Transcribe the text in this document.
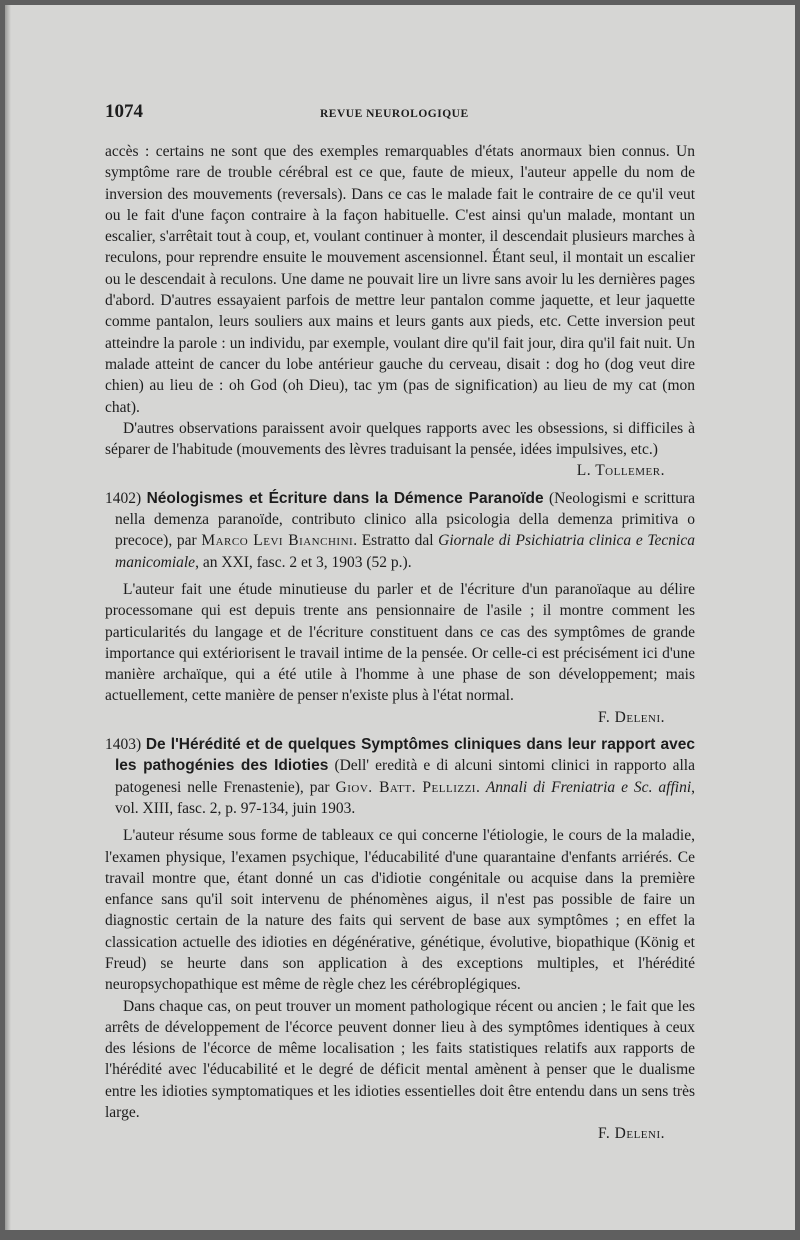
1074	REVUE NEUROLOGIQUE

accès : certains ne sont que des exemples remarquables d'états anormaux bien connus. Un symptôme rare de trouble cérébral est ce que, faute de mieux, l'auteur appelle du nom de inversion des mouvements (reversals). Dans ce cas le malade fait le contraire de ce qu'il veut ou le fait d'une façon contraire à la façon habituelle. C'est ainsi qu'un malade, montant un escalier, s'arrêtait tout à coup, et, voulant continuer à monter, il descendait plusieurs marches à reculons, pour reprendre ensuite le mouvement ascensionnel. Étant seul, il montait un escalier ou le descendait à reculons. Une dame ne pouvait lire un livre sans avoir lu les dernières pages d'abord. D'autres essayaient parfois de mettre leur pantalon comme jaquette, et leur jaquette comme pantalon, leurs souliers aux mains et leurs gants aux pieds, etc. Cette inversion peut atteindre la parole : un individu, par exemple, voulant dire qu'il fait jour, dira qu'il fait nuit. Un malade atteint de cancer du lobe antérieur gauche du cerveau, disait : dog ho (dog veut dire chien) au lieu de : oh God (oh Dieu), tac ym (pas de signification) au lieu de my cat (mon chat).

D'autres observations paraissent avoir quelques rapports avec les obsessions, si difficiles à séparer de l'habitude (mouvements des lèvres traduisant la pensée, idées impulsives, etc.)

L. Tollemer.

1402) Néologismes et Écriture dans la Démence Paranoïde (Neologismi e scrittura nella demenza paranoïde, contributo clinico alla psicologia della demenza primitiva o precoce), par Marco Levi Bianchini. Estratto dal Giornale di Psichiatria clinica e Tecnica manicomiale, an XXI, fasc. 2 et 3, 1903 (52 p.).

L'auteur fait une étude minutieuse du parler et de l'écriture d'un paranoïaque au délire processomane qui est depuis trente ans pensionnaire de l'asile ; il montre comment les particularités du langage et de l'écriture constituent dans ce cas des symptômes de grande importance qui extériorisent le travail intime de la pensée. Or celle-ci est précisément ici d'une manière archaïque, qui a été utile à l'homme à une phase de son développement; mais actuellement, cette manière de penser n'existe plus à l'état normal.

F. Deleni.

1403) De l'Hérédité et de quelques Symptômes cliniques dans leur rapport avec les pathogénies des Idioties (Dell' eredità e di alcuni sintomi clinici in rapporto alla patogenesi nelle Frenastenie), par Giov. Batt. Pellizzi. Annali di Freniatria e Sc. affini, vol. XIII, fasc. 2, p. 97-134, juin 1903.

L'auteur résume sous forme de tableaux ce qui concerne l'étiologie, le cours de la maladie, l'examen physique, l'examen psychique, l'éducabilité d'une quarantaine d'enfants arriérés. Ce travail montre que, étant donné un cas d'idiotie congénitale ou acquise dans la première enfance sans qu'il soit intervenu de phénomènes aigus, il n'est pas possible de faire un diagnostic certain de la nature des faits qui servent de base aux symptômes ; en effet la classication actuelle des idioties en dégénérative, génétique, évolutive, biopathique (König et Freud) se heurte dans son application à des exceptions multiples, et l'hérédité neuropsychopathique est même de règle chez les cérébroplégiques.

Dans chaque cas, on peut trouver un moment pathologique récent ou ancien ; le fait que les arrêts de développement de l'écorce peuvent donner lieu à des symptômes identiques à ceux des lésions de l'écorce de même localisation ; les faits statistiques relatifs aux rapports de l'hérédité avec l'éducabilité et le degré de déficit mental amènent à penser que le dualisme entre les idioties symptomatiques et les idioties essentielles doit être entendu dans un sens très large.

F. Deleni.
